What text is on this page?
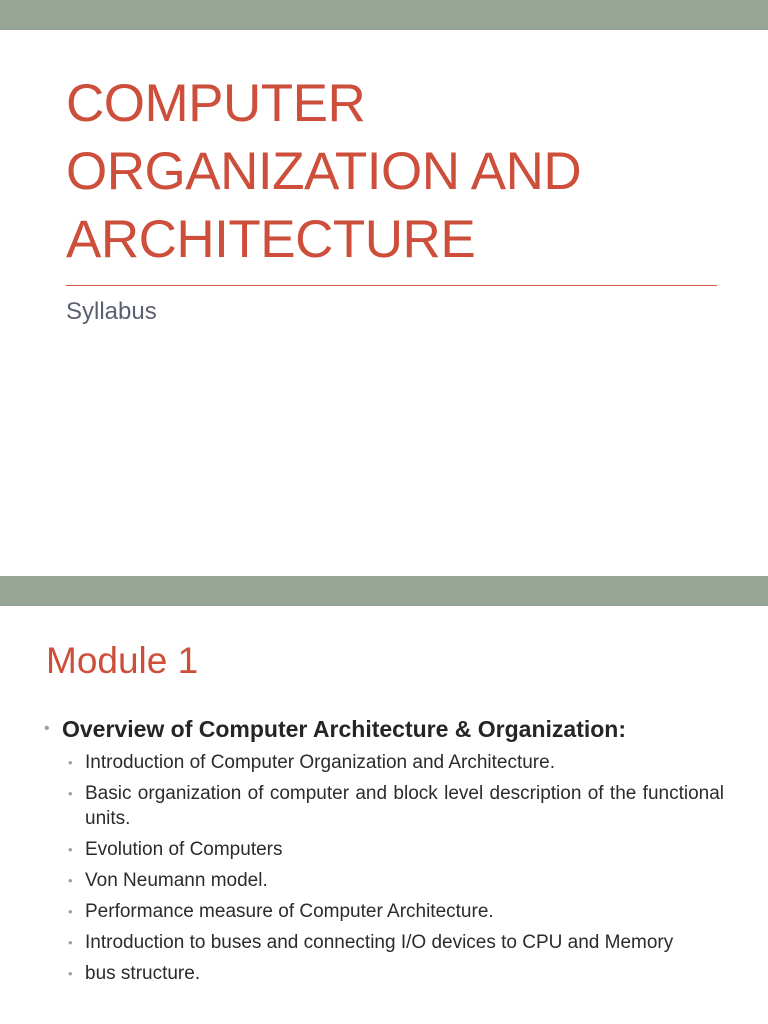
COMPUTER
ORGANIZATION AND
ARCHITECTURE
Syllabus
Module 1
• Overview of Computer Architecture & Organization:
• Introduction of Computer Organization and Architecture.
• Basic organization of computer and block level description of the functional units.
• Evolution of Computers
• Von Neumann model.
• Performance measure of Computer Architecture.
• Introduction to buses and connecting I/O devices to CPU and Memory
• bus structure.
